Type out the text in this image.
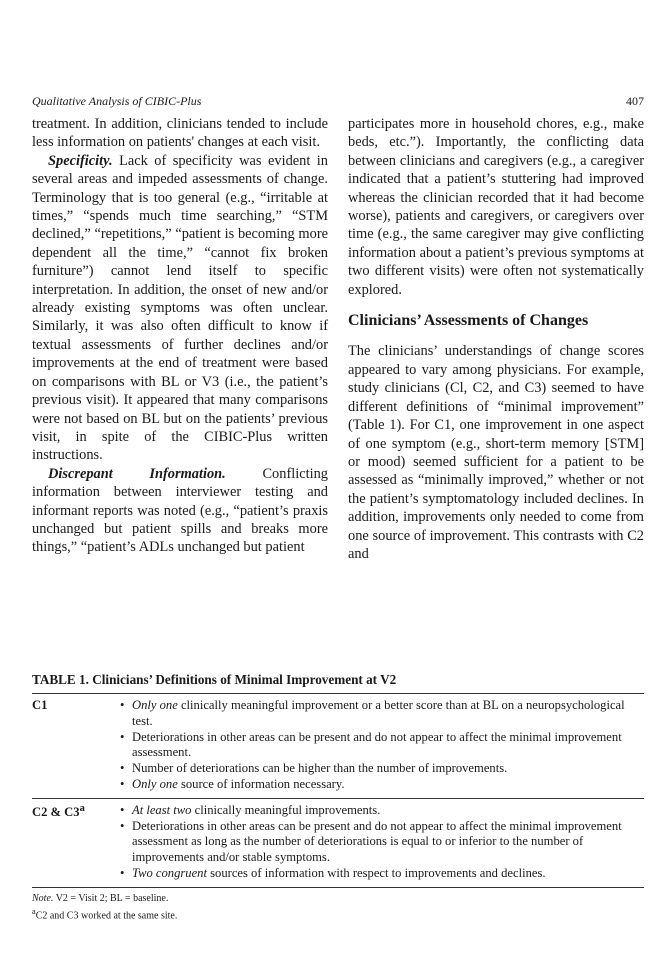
Qualitative Analysis of CIBIC-Plus	407

treatment. In addition, clinicians tended to include less information on patients' changes at each visit.

Specificity. Lack of specificity was evident in several areas and impeded assessments of change. Terminology that is too general (e.g., “irritable at times,” “spends much time searching,” “STM declined,” “repetitions,” “patient is becoming more dependent all the time,” “cannot fix broken furniture”) cannot lend itself to specific interpretation. In addition, the onset of new and/or already existing symptoms was often unclear. Similarly, it was also often difficult to know if textual assessments of further declines and/or improvements at the end of treatment were based on comparisons with BL or V3 (i.e., the patient’s previous visit). It appeared that many comparisons were not based on BL but on the patients’ previous visit, in spite of the CIBIC-Plus written instructions.

Discrepant Information. Conflicting information between interviewer testing and informant reports was noted (e.g., “patient’s praxis unchanged but patient spills and breaks more things,” “patient’s ADLs unchanged but patient

participates more in household chores, e.g., make beds, etc.”). Importantly, the conflicting data between clinicians and caregivers (e.g., a caregiver indicated that a patient’s stuttering had improved whereas the clinician recorded that it had become worse), patients and caregivers, or caregivers over time (e.g., the same caregiver may give conflicting information about a patient’s previous symptoms at two different visits) were often not systematically explored.

Clinicians’ Assessments of Changes

The clinicians’ understandings of change scores appeared to vary among physicians. For example, study clinicians (Cl, C2, and C3) seemed to have different definitions of “minimal improvement” (Table 1). For C1, one improvement in one aspect of one symptom (e.g., short-term memory [STM] or mood) seemed sufficient for a patient to be assessed as “minimally improved,” whether or not the patient’s symptomatology included declines. In addition, improvements only needed to come from one source of improvement. This contrasts with C2 and

TABLE 1. Clinicians’ Definitions of Minimal Improvement at V2
C1	• Only one clinically meaningful improvement or a better score than at BL on a neuropsychological test.
• Deteriorations in other areas can be present and do not appear to affect the minimal improvement assessment.
• Number of deteriorations can be higher than the number of improvements.
• Only one source of information necessary.
C2 & C3$^a$	• At least two clinically meaningful improvements.
• Deteriorations in other areas can be present and do not appear to affect the minimal improvement assessment as long as the number of deteriorations is equal to or inferior to the number of improvements and/or stable symptoms.
• Two congruent sources of information with respect to improvements and declines.
Note. V2 = Visit 2; BL = baseline.
$^a$C2 and C3 worked at the same site.
